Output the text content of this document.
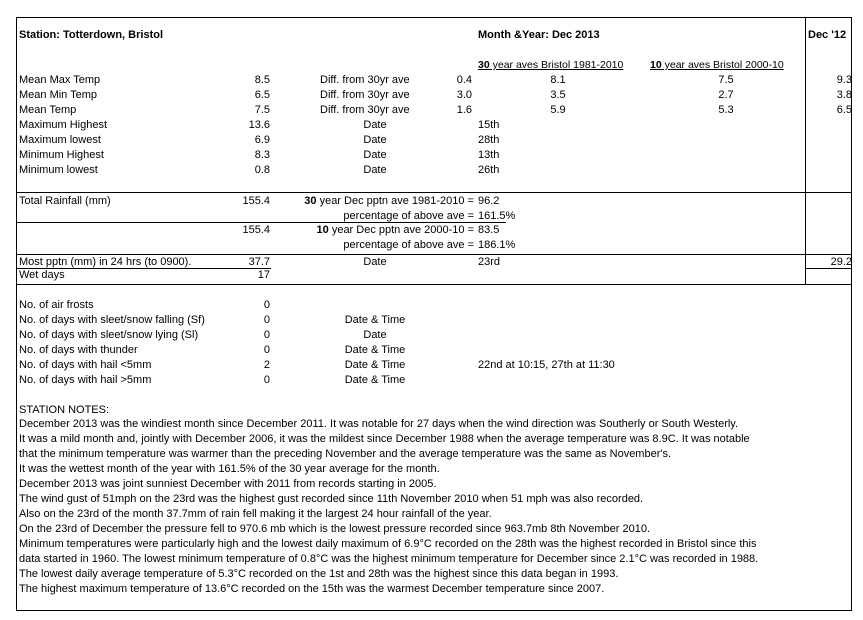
Station: Totterdown, Bristol	Month &Year: Dec 2013	Dec '12
30 year aves Bristol 1981-2010	10 year aves Bristol 2000-10
Mean Max Temp	8.5	Diff. from 30yr ave	0.4	8.1	7.5	9.3
Mean Min Temp	6.5	Diff. from 30yr ave	3.0	3.5	2.7	3.8
Mean Temp	7.5	Diff. from 30yr ave	1.6	5.9	5.3	6.5
Maximum Highest	13.6	Date	15th
Maximum lowest	6.9	Date	28th
Minimum Highest	8.3	Date	13th
Minimum lowest	0.8	Date	26th
Total Rainfall (mm)	155.4	30 year Dec pptn ave 1981-2010 = 96.2
percentage of above ave = 161.5%
155.4	10 year Dec pptn ave 2000-10 = 83.5
percentage of above ave = 186.1%
Most pptn (mm) in 24 hrs (to 0900).	37.7	Date	23rd	29.2
Wet days	17
No. of air frosts	0
No. of days with sleet/snow falling (Sf)	0	Date & Time
No. of days with sleet/snow lying (Sl)	0	Date
No. of days with thunder	0	Date & Time
No. of days with hail <5mm	2	Date & Time	22nd at 10:15, 27th at 11:30
No. of days with hail >5mm	0	Date & Time
STATION NOTES:
December 2013 was the windiest month since December 2011. It was notable for 27 days when the wind direction was Southerly or South Westerly.
It was a mild month and, jointly with December 2006, it was the mildest since December 1988 when the average temperature was 8.9C. It was notable
that the minimum temperature was warmer than the preceding November and the average temperature was the same as November's.
It was the wettest month of the year with 161.5% of the 30 year average for the month.
December 2013 was joint sunniest December with 2011 from records starting in 2005.
The wind gust of 51mph on the 23rd was the highest gust recorded since 11th November 2010 when 51 mph was also recorded.
Also on the 23rd of the month 37.7mm of rain fell making it the largest 24 hour rainfall of the year.
On the 23rd of December the pressure fell to 970.6 mb which is the lowest pressure recorded since 963.7mb 8th November 2010.
Minimum temperatures were particularly high and the lowest daily maximum of 6.9°C recorded on the 28th was the highest recorded in Bristol since this
data started in 1960. The lowest minimum temperature of 0.8°C was the highest minimum temperature for December since 2.1°C was recorded in 1988.
The lowest daily average temperature of 5.3°C recorded on the 1st and 28th was the highest since this data began in 1993.
The highest maximum temperature of 13.6°C recorded on the 15th was the warmest December temperature since 2007.
